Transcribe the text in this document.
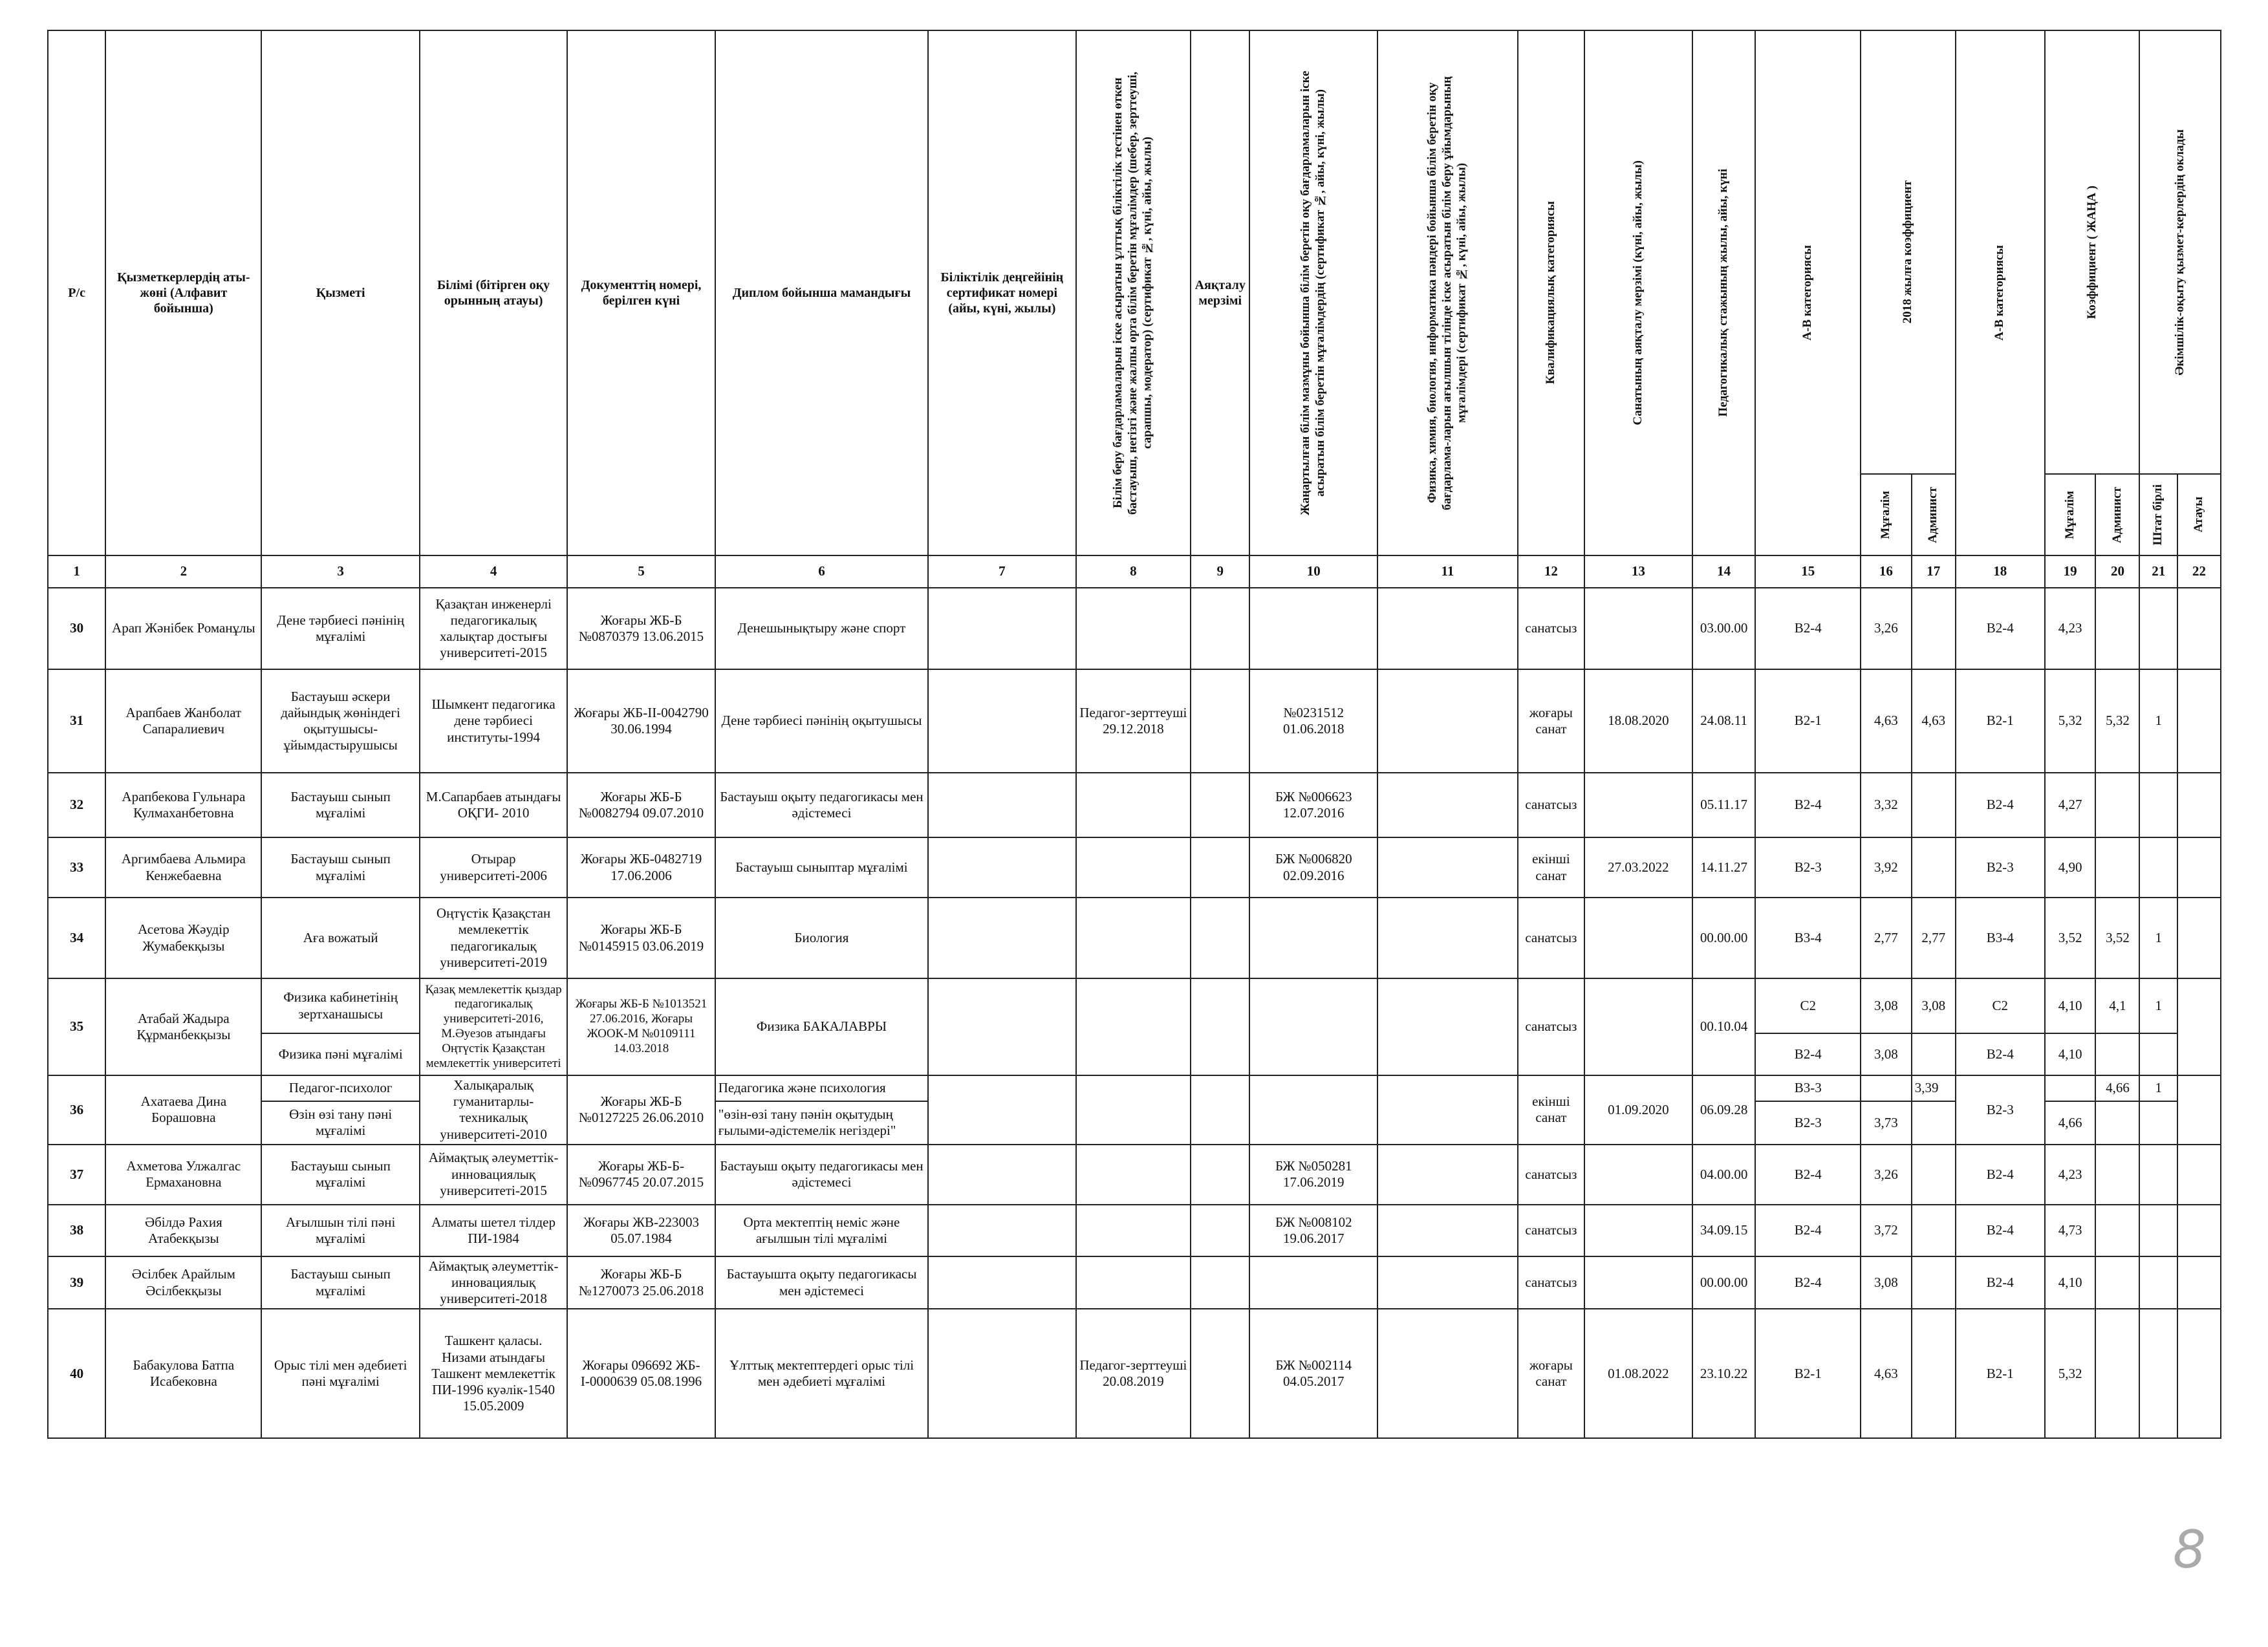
Р/с	Қызметкерлердің аты-жөні (Алфавит бойынша)	Қызметі	Білімі (бітірген оқу орынның атауы)	Документтің номері, берілген күні	Диплом бойынша мамандығы	Біліктілік деңгейінің сертификат номері (айы, күні, жылы)	Білім беру бағдарламаларын іске асыратын ұлттық біліктілік тестінен өткен бастауыш, негізгі және жалпы орта білім беретін мұғалімдер (шебер, зерттеуші, сарапшы, модератор) (сертификат №, күні, айы, жылы)	Аяқталу мерзімі	Жаңартылған білім мазмұны бойынша білім беретін оқу бағдарламаларын іске асыратын білім беретін мұғалімдердің (сертификат №, айы, күні, жылы)	Физика, химия, биология, информатика пәндері бойынша білім беретін оқу бағдарлама-ларын ағылшын тілінде іске асыратын білім беру ұйымдарының мұғалімдері (сертификат №, күні, айы, жылы)	Квалификациялық категориясы	Санатының аяқталу мерзімі (күні, айы, жылы)	Педагогикалық стажының жылы, айы, күні	А-В категориясы	2018 жылға коэффициент		А-В категориясы	Коэффициент ( ЖАҢА )		Әкімшілік-оқыту қызмет-керлердің оклады	

															Мұғалім	Админист		Мұғалім	Админист	Штат бірлі	Атауы

1	2	3	4	5	6	7	8	9	10	11	12	13	14	15	16	17	18	19	20	21	22
30	Арап Жәнібек Романұлы	Дене тәрбиесі пәнінің мұғалімі	Қазақтан инженерлі педагогикалық халықтар достығы университеті-2015	Жоғары ЖБ-Б №0870379 13.06.2015	Денешынықтыру және спорт						санатсыз		03.00.00	В2-4	3,26		В2-4	4,23			
31	Арапбаев Жанболат Сапаралиевич	Бастауыш әскери дайындық жөніндегі оқытушысы-ұйымдастырушысы	Шымкент педагогика дене тәрбиесі институты-1994	Жоғары ЖБ-ІІ-0042790 30.06.1994	Дене тәрбиесі пәнінің оқытушысы		Педагог-зерттеуші 29.12.2018		№0231512 01.06.2018		жоғары санат	18.08.2020	24.08.11	В2-1	4,63	4,63	В2-1	5,32	5,32	1	
32	Арапбекова Гульнара Кулмаханбетовна	Бастауыш сынып мұғалімі	М.Сапарбаев атындағы ОҚГИ- 2010	Жоғары ЖБ-Б №0082794 09.07.2010	Бастауыш оқыту педагогикасы мен әдістемесі				БЖ №006623 12.07.2016		санатсыз		05.11.17	В2-4	3,32		В2-4	4,27			
33	Аргимбаева Альмира Кенжебаевна	Бастауыш сынып мұғалімі	Отырар университеті-2006	Жоғары ЖБ-0482719 17.06.2006	Бастауыш сыныптар мұғалімі				БЖ №006820 02.09.2016		екінші санат	27.03.2022	14.11.27	В2-3	3,92		В2-3	4,90			
34	Асетова Жәудір Жумабекқызы	Аға вожатый	Оңтүстік Қазақстан мемлекеттік педагогикалық университеті-2019	Жоғары ЖБ-Б №0145915 03.06.2019	Биология						санатсыз		00.00.00	В3-4	2,77	2,77	В3-4	3,52	3,52	1	
35	Атабай Жадыра Құрманбекқызы	Физика кабинетінің зертханашысы	Қазақ мемлекеттік қыздар педагогикалық университеті-2016, М.Әуезов атындағы Оңтүстік Қазақстан мемлекеттік университеті	Жоғары ЖБ-Б №1013521 27.06.2016, Жоғары ЖООК-М №0109111 14.03.2018	Физика БАКАЛАВРЫ						санатсыз		00.10.04	С2	3,08	3,08	С2	4,10	4,1	1	
		Физика пәні мұғалімі												В2-4	3,08		В2-4	4,10			
36	Ахатаева Дина Борашовна	Педагог-психолог	Халықаралық гуманитарлы-техникалық университеті-2010	Жоғары ЖБ-Б №0127225 26.06.2010	Педагогика және психология						екінші санат	01.09.2020	06.09.28	В3-3		3,39	В2-3		4,66	1	
		Өзін өзі тану пәні мұғалімі			"өзін-өзі тану пәнін оқытудың ғылыми-әдістемелік негіздері"									В2-3	3,73			4,66			
37	Ахметова Улжалгас Ермахановна	Бастауыш сынып мұғалімі	Аймақтық әлеуметтік-инновациялық университеті-2015	Жоғары ЖБ-Б- №0967745 20.07.2015	Бастауыш оқыту педагогикасы мен әдістемесі				БЖ №050281 17.06.2019		санатсыз		04.00.00	В2-4	3,26		В2-4	4,23			
38	Әбілдә Рахия Атабекқызы	Ағылшын тілі пәні мұғалімі	Алматы шетел тілдер ПИ-1984	Жоғары ЖВ-223003 05.07.1984	Орта мектептің неміс және ағылшын тілі мұғалімі				БЖ №008102 19.06.2017		санатсыз		34.09.15	В2-4	3,72		В2-4	4,73			
39	Әсілбек Арайлым Әсілбекқызы	Бастауыш сынып мұғалімі	Аймақтық әлеуметтік-инновациялық университеті-2018	Жоғары ЖБ-Б №1270073 25.06.2018	Бастауышта оқыту педагогикасы мен әдістемесі						санатсыз		00.00.00	В2-4	3,08		В2-4	4,10			
40	Бабакулова Батпа Исабековна	Орыс тілі мен әдебиеті пәні мұғалімі	Ташкент қаласы. Низами атындағы Ташкент мемлекеттік ПИ-1996 куәлік-1540 15.05.2009	Жоғары 096692 ЖБ-І-0000639 05.08.1996	Ұлттық мектептердегі орыс тілі мен әдебиеті мұғалімі		Педагог-зерттеуші 20.08.2019		БЖ №002114 04.05.2017		жоғары санат	01.08.2022	23.10.22	В2-1	4,63		В2-1	5,32			
8
